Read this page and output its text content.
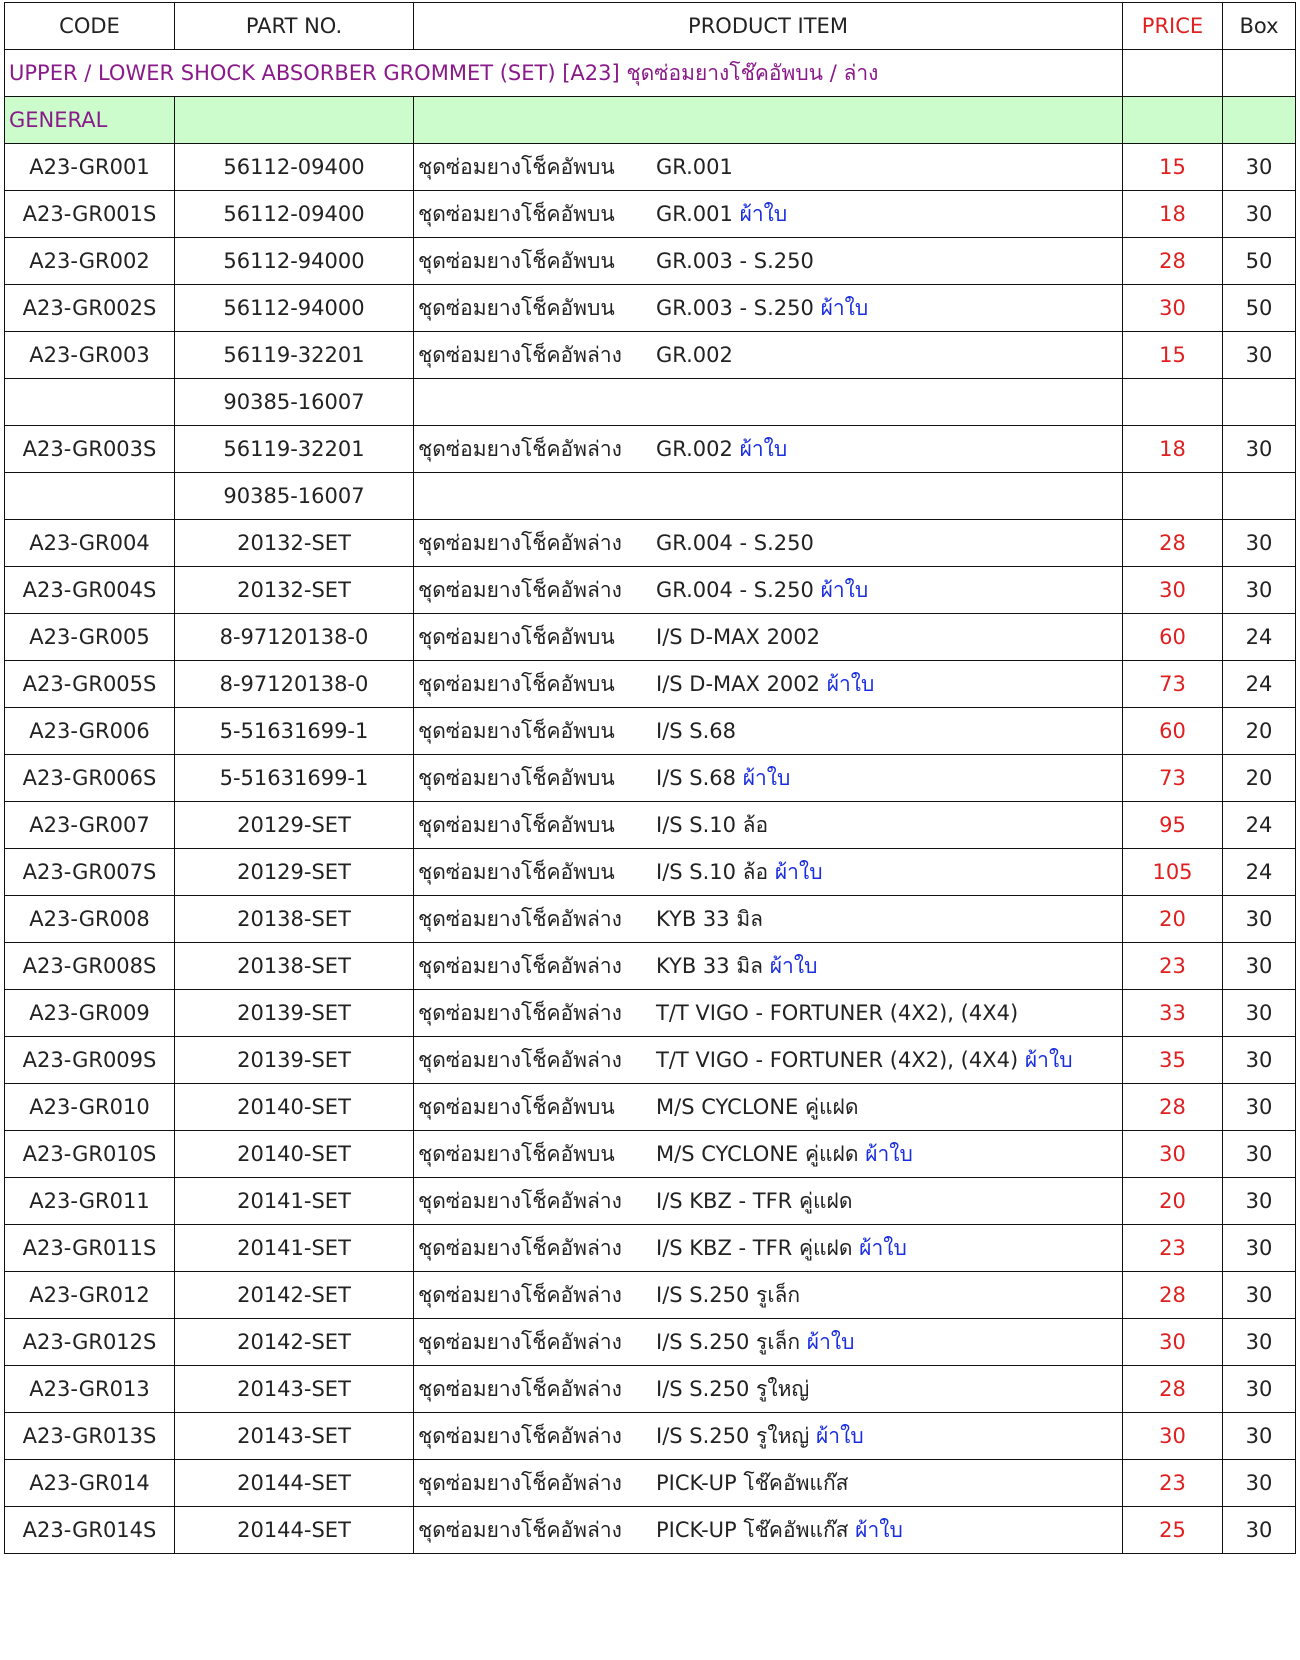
CODE	PART NO.	PRODUCT ITEM	PRICE	Box
UPPER / LOWER SHOCK ABSORBER GROMMET (SET) [A23] ชุดซ่อมยางโช๊คอัพบน / ล่าง				
GENERAL				
A23-GR001	56112-09400	ชุดซ่อมยางโช็คอัพบน GR.001	15	30
A23-GR001S	56112-09400	ชุดซ่อมยางโช็คอัพบน GR.001 ผ้าใบ	18	30
A23-GR002	56112-94000	ชุดซ่อมยางโช็คอัพบน GR.003 - S.250	28	50
A23-GR002S	56112-94000	ชุดซ่อมยางโช็คอัพบน GR.003 - S.250 ผ้าใบ	30	50
A23-GR003	56119-32201	ชุดซ่อมยางโช็คอัพล่าง GR.002	15	30
	90385-16007			
A23-GR003S	56119-32201	ชุดซ่อมยางโช็คอัพล่าง GR.002 ผ้าใบ	18	30
	90385-16007			
A23-GR004	20132-SET	ชุดซ่อมยางโช็คอัพล่าง GR.004 - S.250	28	30
A23-GR004S	20132-SET	ชุดซ่อมยางโช็คอัพล่าง GR.004 - S.250 ผ้าใบ	30	30
A23-GR005	8-97120138-0	ชุดซ่อมยางโช็คอัพบน I/S D-MAX 2002	60	24
A23-GR005S	8-97120138-0	ชุดซ่อมยางโช็คอัพบน I/S D-MAX 2002 ผ้าใบ	73	24
A23-GR006	5-51631699-1	ชุดซ่อมยางโช็คอัพบน I/S S.68	60	20
A23-GR006S	5-51631699-1	ชุดซ่อมยางโช็คอัพบน I/S S.68 ผ้าใบ	73	20
A23-GR007	20129-SET	ชุดซ่อมยางโช็คอัพบน I/S S.10 ล้อ	95	24
A23-GR007S	20129-SET	ชุดซ่อมยางโช็คอัพบน I/S S.10 ล้อ ผ้าใบ	105	24
A23-GR008	20138-SET	ชุดซ่อมยางโช็คอัพล่าง KYB 33 มิล	20	30
A23-GR008S	20138-SET	ชุดซ่อมยางโช็คอัพล่าง KYB 33 มิล ผ้าใบ	23	30
A23-GR009	20139-SET	ชุดซ่อมยางโช็คอัพล่าง T/T VIGO - FORTUNER (4X2), (4X4)	33	30
A23-GR009S	20139-SET	ชุดซ่อมยางโช็คอัพล่าง T/T VIGO - FORTUNER (4X2), (4X4) ผ้าใบ	35	30
A23-GR010	20140-SET	ชุดซ่อมยางโช็คอัพบน M/S CYCLONE คู่แฝด	28	30
A23-GR010S	20140-SET	ชุดซ่อมยางโช็คอัพบน M/S CYCLONE คู่แฝด ผ้าใบ	30	30
A23-GR011	20141-SET	ชุดซ่อมยางโช็คอัพล่าง I/S KBZ - TFR คู่แฝด	20	30
A23-GR011S	20141-SET	ชุดซ่อมยางโช็คอัพล่าง I/S KBZ - TFR คู่แฝด ผ้าใบ	23	30
A23-GR012	20142-SET	ชุดซ่อมยางโช็คอัพล่าง I/S S.250 รูเล็ก	28	30
A23-GR012S	20142-SET	ชุดซ่อมยางโช็คอัพล่าง I/S S.250 รูเล็ก ผ้าใบ	30	30
A23-GR013	20143-SET	ชุดซ่อมยางโช็คอัพล่าง I/S S.250 รูใหญ่	28	30
A23-GR013S	20143-SET	ชุดซ่อมยางโช็คอัพล่าง I/S S.250 รูใหญ่ ผ้าใบ	30	30
A23-GR014	20144-SET	ชุดซ่อมยางโช็คอัพล่าง PICK-UP โช๊คอัพแก๊ส	23	30
A23-GR014S	20144-SET	ชุดซ่อมยางโช็คอัพล่าง PICK-UP โช๊คอัพแก๊ส ผ้าใบ	25	30
